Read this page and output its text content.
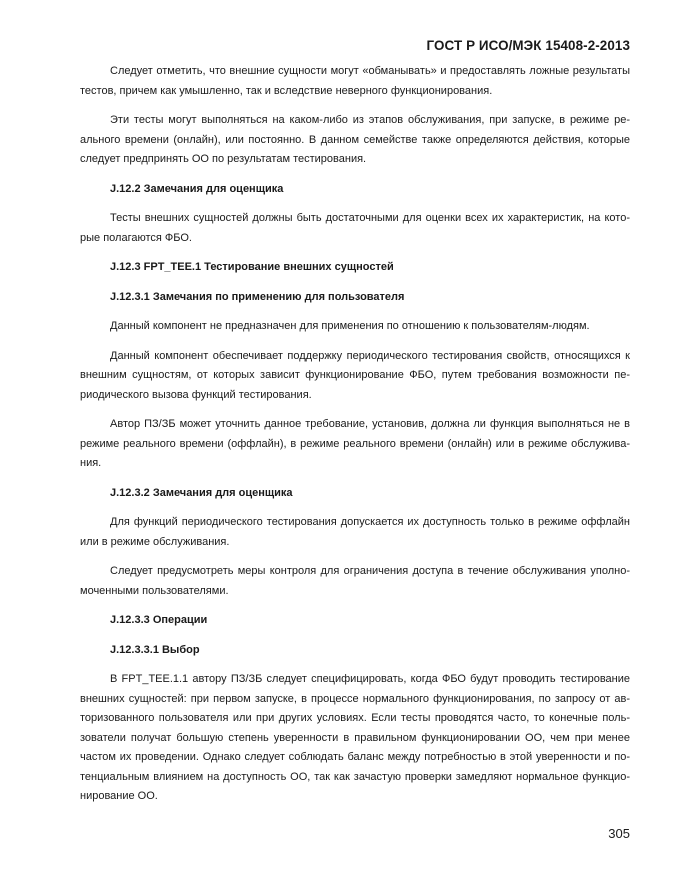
ГОСТ Р ИСО/МЭК 15408-2-2013

Следует отметить, что внешние сущности могут «обманывать» и предоставлять ложные результаты тестов, причем как умышленно, так и вследствие неверного функционирования.

Эти тесты могут выполняться на каком-либо из этапов обслуживания, при запуске, в режиме реального времени (онлайн), или постоянно. В данном семействе также определяются действия, которые следует предпринять ОО по результатам тестирования.

J.12.2 Замечания для оценщика

Тесты внешних сущностей должны быть достаточными для оценки всех их характеристик, на которые полагаются ФБО.

J.12.3 FPT_TEE.1 Тестирование внешних сущностей
J.12.3.1 Замечания по применению для пользователя

Данный компонент не предназначен для применения по отношению к пользователям-людям.

Данный компонент обеспечивает поддержку периодического тестирования свойств, относящихся к внешним сущностям, от которых зависит функционирование ФБО, путем требования возможности периодического вызова функций тестирования.

Автор ПЗ/ЗБ может уточнить данное требование, установив, должна ли функция выполняться не в режиме реального времени (оффлайн), в режиме реального времени (онлайн) или в режиме обслуживания.

J.12.3.2 Замечания для оценщика

Для функций периодического тестирования допускается их доступность только в режиме оффлайн или в режиме обслуживания.

Следует предусмотреть меры контроля для ограничения доступа в течение обслуживания уполномоченными пользователями.

J.12.3.3 Операции
J.12.3.3.1 Выбор

В FPT_TEE.1.1 автору ПЗ/ЗБ следует специфицировать, когда ФБО будут проводить тестирование внешних сущностей: при первом запуске, в процессе нормального функционирования, по запросу от авторизованного пользователя или при других условиях. Если тесты проводятся часто, то конечные пользователи получат большую степень уверенности в правильном функционировании ОО, чем при менее частом их проведении. Однако следует соблюдать баланс между потребностью в этой уверенности и потенциальным влиянием на доступность ОО, так как зачастую проверки замедляют нормальное функционирование ОО.

305
